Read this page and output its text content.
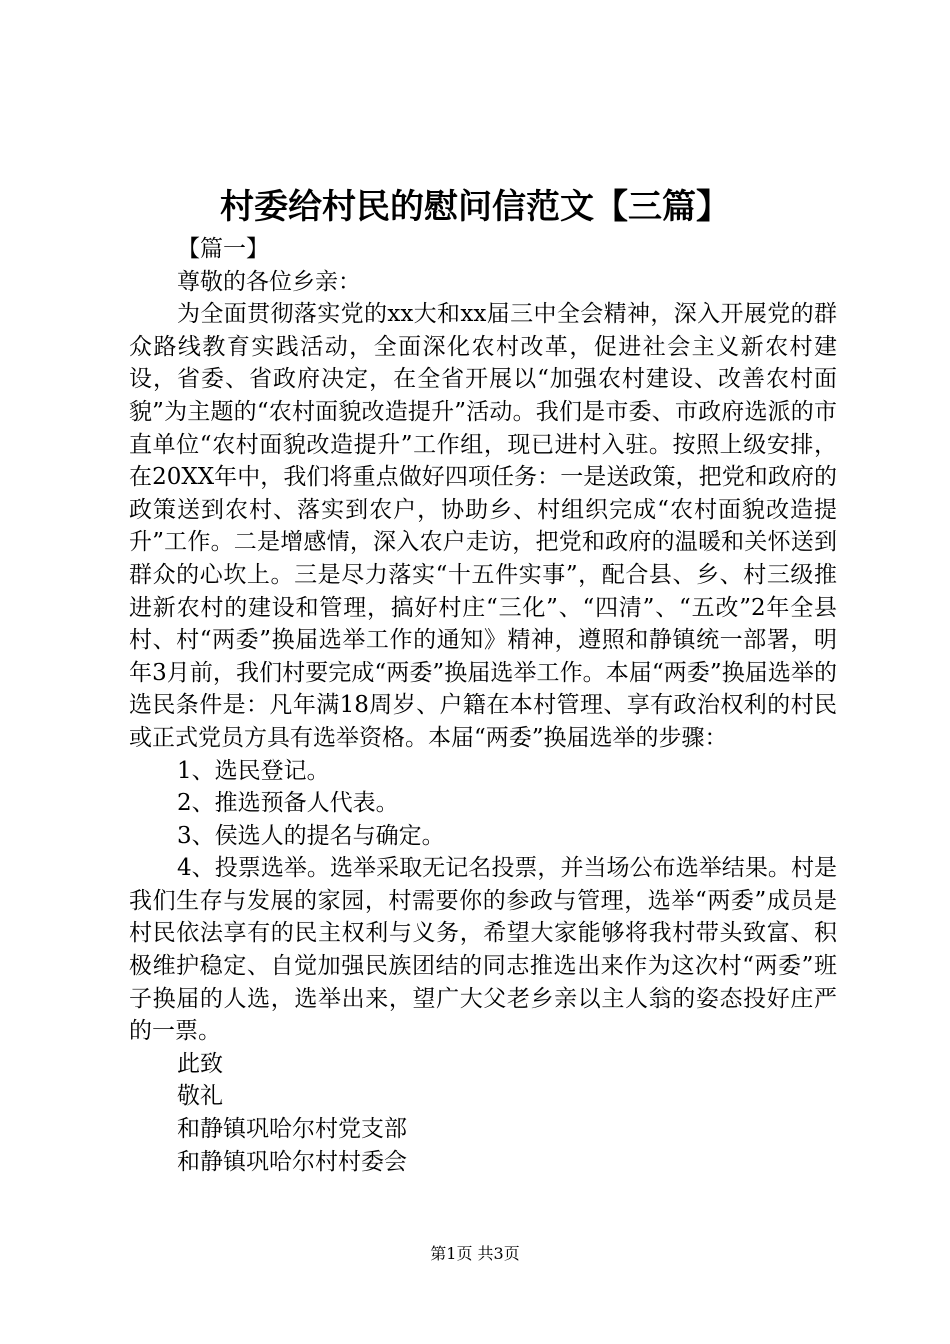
村委给村民的慰问信范文【三篇】

【篇一】

尊敬的各位乡亲：

为全面贯彻落实党的xx大和xx届三中全会精神，深入开展党的群众路线教育实践活动，全面深化农村改革，促进社会主义新农村建设，省委、省政府决定，在全省开展以“加强农村建设、改善农村面貌”为主题的“农村面貌改造提升”活动。我们是市委、市政府选派的市直单位“农村面貌改造提升”工作组，现已进村入驻。按照上级安排，在20XX年中，我们将重点做好四项任务：一是送政策，把党和政府的政策送到农村、落实到农户，协助乡、村组织完成“农村面貌改造提升”工作。二是增感情，深入农户走访，把党和政府的温暖和关怀送到群众的心坎上。三是尽力落实“十五件实事”，配合县、乡、村三级推进新农村的建设和管理，搞好村庄“三化”、“四清”、“五改”2年全县村、村“两委”换届选举工作的通知》精神，遵照和静镇统一部署，明年3月前，我们村要完成“两委”换届选举工作。本届“两委”换届选举的选民条件是：凡年满18周岁、户籍在本村管理、享有政治权利的村民或正式党员方具有选举资格。本届“两委”换届选举的步骤：

1、选民登记。

2、推选预备人代表。

3、侯选人的提名与确定。

4、投票选举。选举采取无记名投票，并当场公布选举结果。村是我们生存与发展的家园，村需要你的参政与管理，选举“两委”成员是村民依法享有的民主权利与义务，希望大家能够将我村带头致富、积极维护稳定、自觉加强民族团结的同志推选出来作为这次村“两委”班子换届的人选，选举出来，望广大父老乡亲以主人翁的姿态投好庄严的一票。

此致

敬礼

和静镇巩哈尔村党支部

和静镇巩哈尔村村委会

第1页 共3页
